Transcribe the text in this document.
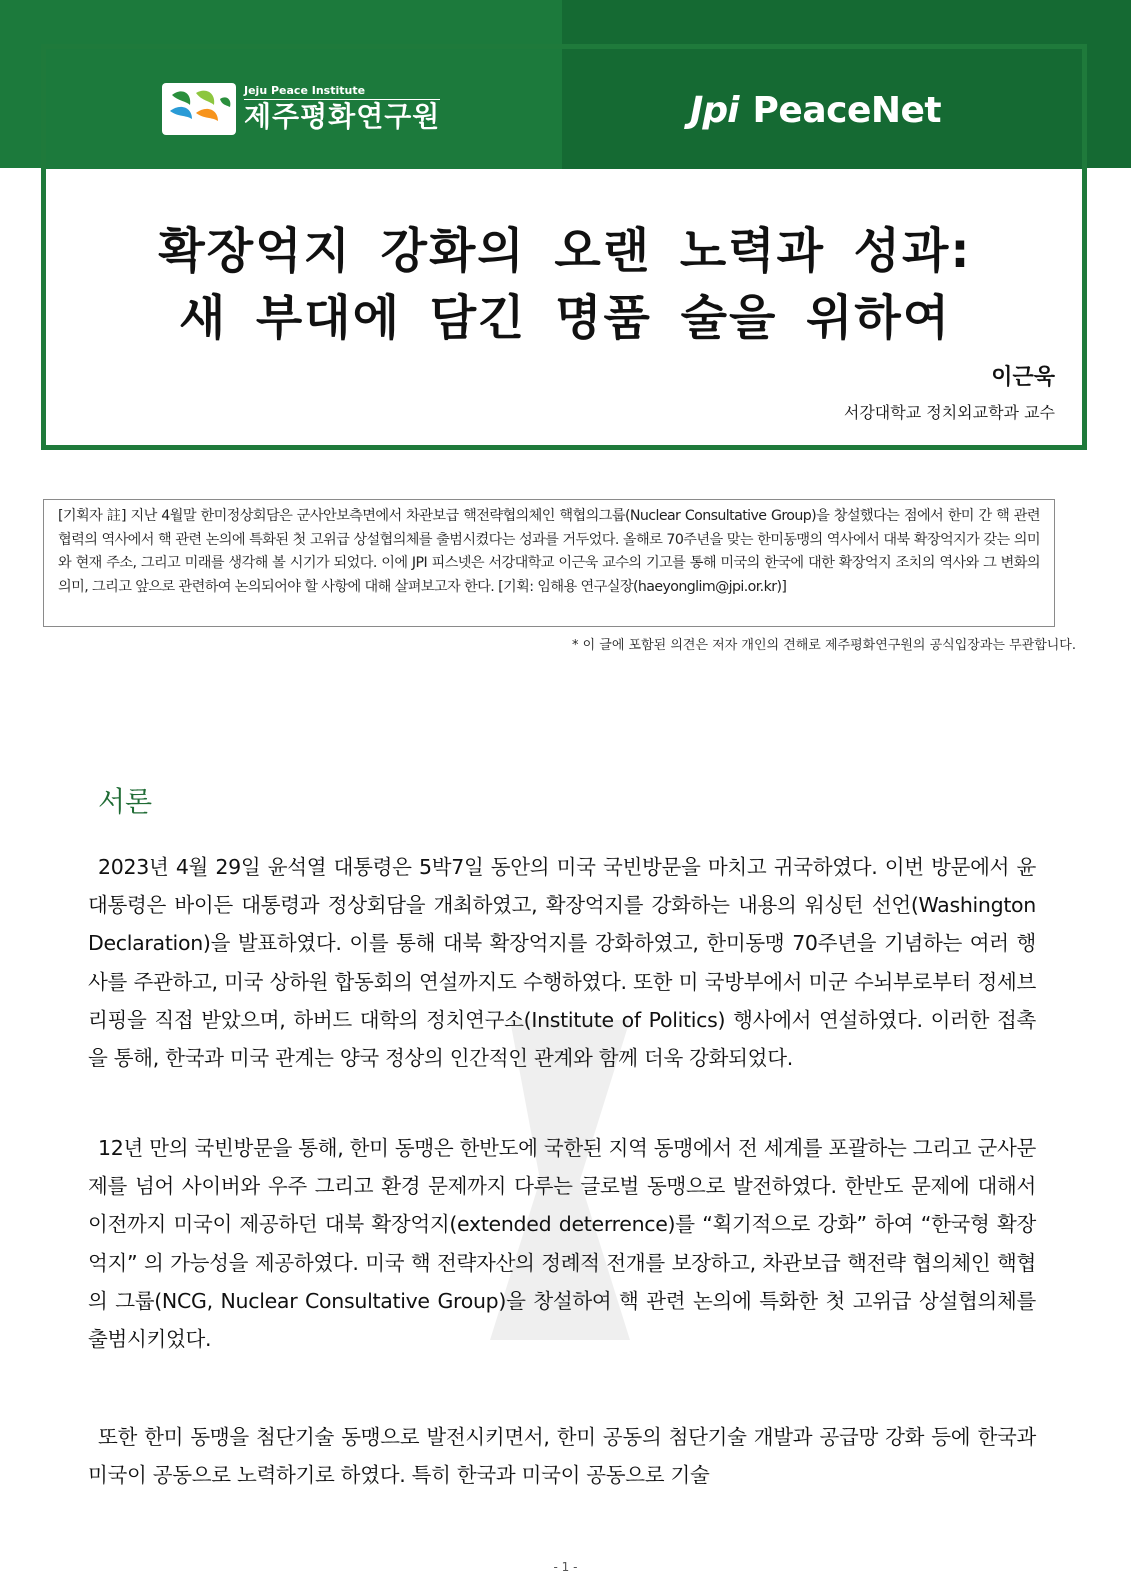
Jeju Peace Institute
제주평화연구원	Jpi PeaceNet
확장억지 강화의 오랜 노력과 성과:
새 부대에 담긴 명품 술을 위하여
이근욱
서강대학교 정치외교학과 교수
[기획자 註] 지난 4월말 한미정상회담은 군사안보측면에서 차관보급 핵전략협의체인 핵협의그룹(Nuclear Consultative Group)을 창설했다는 점에서 한미 간 핵 관련 협력의 역사에서 핵 관련 논의에 특화된 첫 고위급 상설협의체를 출범시켰다는 성과를 거두었다. 올해로 70주년을 맞는 한미동맹의 역사에서 대북 확장억지가 갖는 의미와 현재 주소, 그리고 미래를 생각해 볼 시기가 되었다. 이에 JPI 피스넷은 서강대학교 이근욱 교수의 기고를 통해 미국의 한국에 대한 확장억지 조치의 역사와 그 변화의 의미, 그리고 앞으로 관련하여 논의되어야 할 사항에 대해 살펴보고자 한다. [기획: 임해용 연구실장(haeyonglim@jpi.or.kr)]
* 이 글에 포함된 의견은 저자 개인의 견해로 제주평화연구원의 공식입장과는 무관합니다.
서론
2023년 4월 29일 윤석열 대통령은 5박7일 동안의 미국 국빈방문을 마치고 귀국하였다. 이번 방문에서 윤 대통령은 바이든 대통령과 정상회담을 개최하였고, 확장억지를 강화하는 내용의 워싱턴 선언(Washington Declaration)을 발표하였다. 이를 통해 대북 확장억지를 강화하였고, 한미동맹 70주년을 기념하는 여러 행사를 주관하고, 미국 상하원 합동회의 연설까지도 수행하였다. 또한 미 국방부에서 미군 수뇌부로부터 정세브리핑을 직접 받았으며, 하버드 대학의 정치연구소(Institute of Politics) 행사에서 연설하였다. 이러한 접촉을 통해, 한국과 미국 관계는 양국 정상의 인간적인 관계와 함께 더욱 강화되었다.
12년 만의 국빈방문을 통해, 한미 동맹은 한반도에 국한된 지역 동맹에서 전 세계를 포괄하는 그리고 군사문제를 넘어 사이버와 우주 그리고 환경 문제까지 다루는 글로벌 동맹으로 발전하였다. 한반도 문제에 대해서 이전까지 미국이 제공하던 대북 확장억지(extended deterrence)를 “획기적으로 강화” 하여 “한국형 확장억지” 의 가능성을 제공하였다. 미국 핵 전략자산의 정례적 전개를 보장하고, 차관보급 핵전략 협의체인 핵협의 그룹(NCG, Nuclear Consultative Group)을 창설하여 핵 관련 논의에 특화한 첫 고위급 상설협의체를 출범시키었다.
또한 한미 동맹을 첨단기술 동맹으로 발전시키면서, 한미 공동의 첨단기술 개발과 공급망 강화 등에 한국과 미국이 공동으로 노력하기로 하였다. 특히 한국과 미국이 공동으로 기술
- 1 -
